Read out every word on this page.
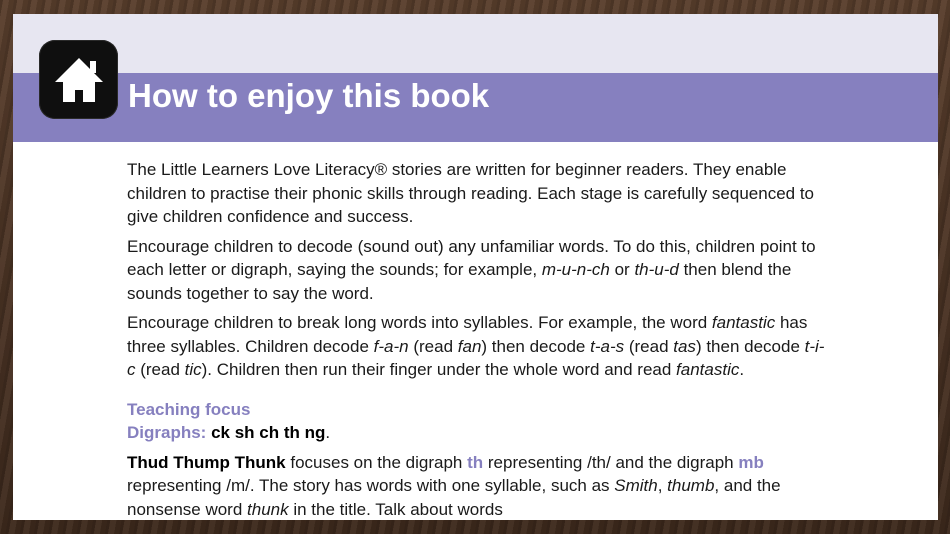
How to enjoy this book

The Little Learners Love Literacy® stories are written for beginner readers. They enable children to practise their phonic skills through reading. Each stage is carefully sequenced to give children confidence and success.

Encourage children to decode (sound out) any unfamiliar words. To do this, children point to each letter or digraph, saying the sounds; for example, m-u-n-ch or th-u-d then blend the sounds together to say the word.

Encourage children to break long words into syllables. For example, the word fantastic has three syllables. Children decode f-a-n (read fan) then decode t-a-s (read tas) then decode t-i-c (read tic). Children then run their finger under the whole word and read fantastic.

Teaching focus

Digraphs: ck sh ch th ng.

Thud Thump Thunk focuses on the digraph th representing /th/ and the digraph mb representing /m/. The story has words with one syllable, such as Smith, thumb, and the nonsense word thunk in the title. Talk about words
